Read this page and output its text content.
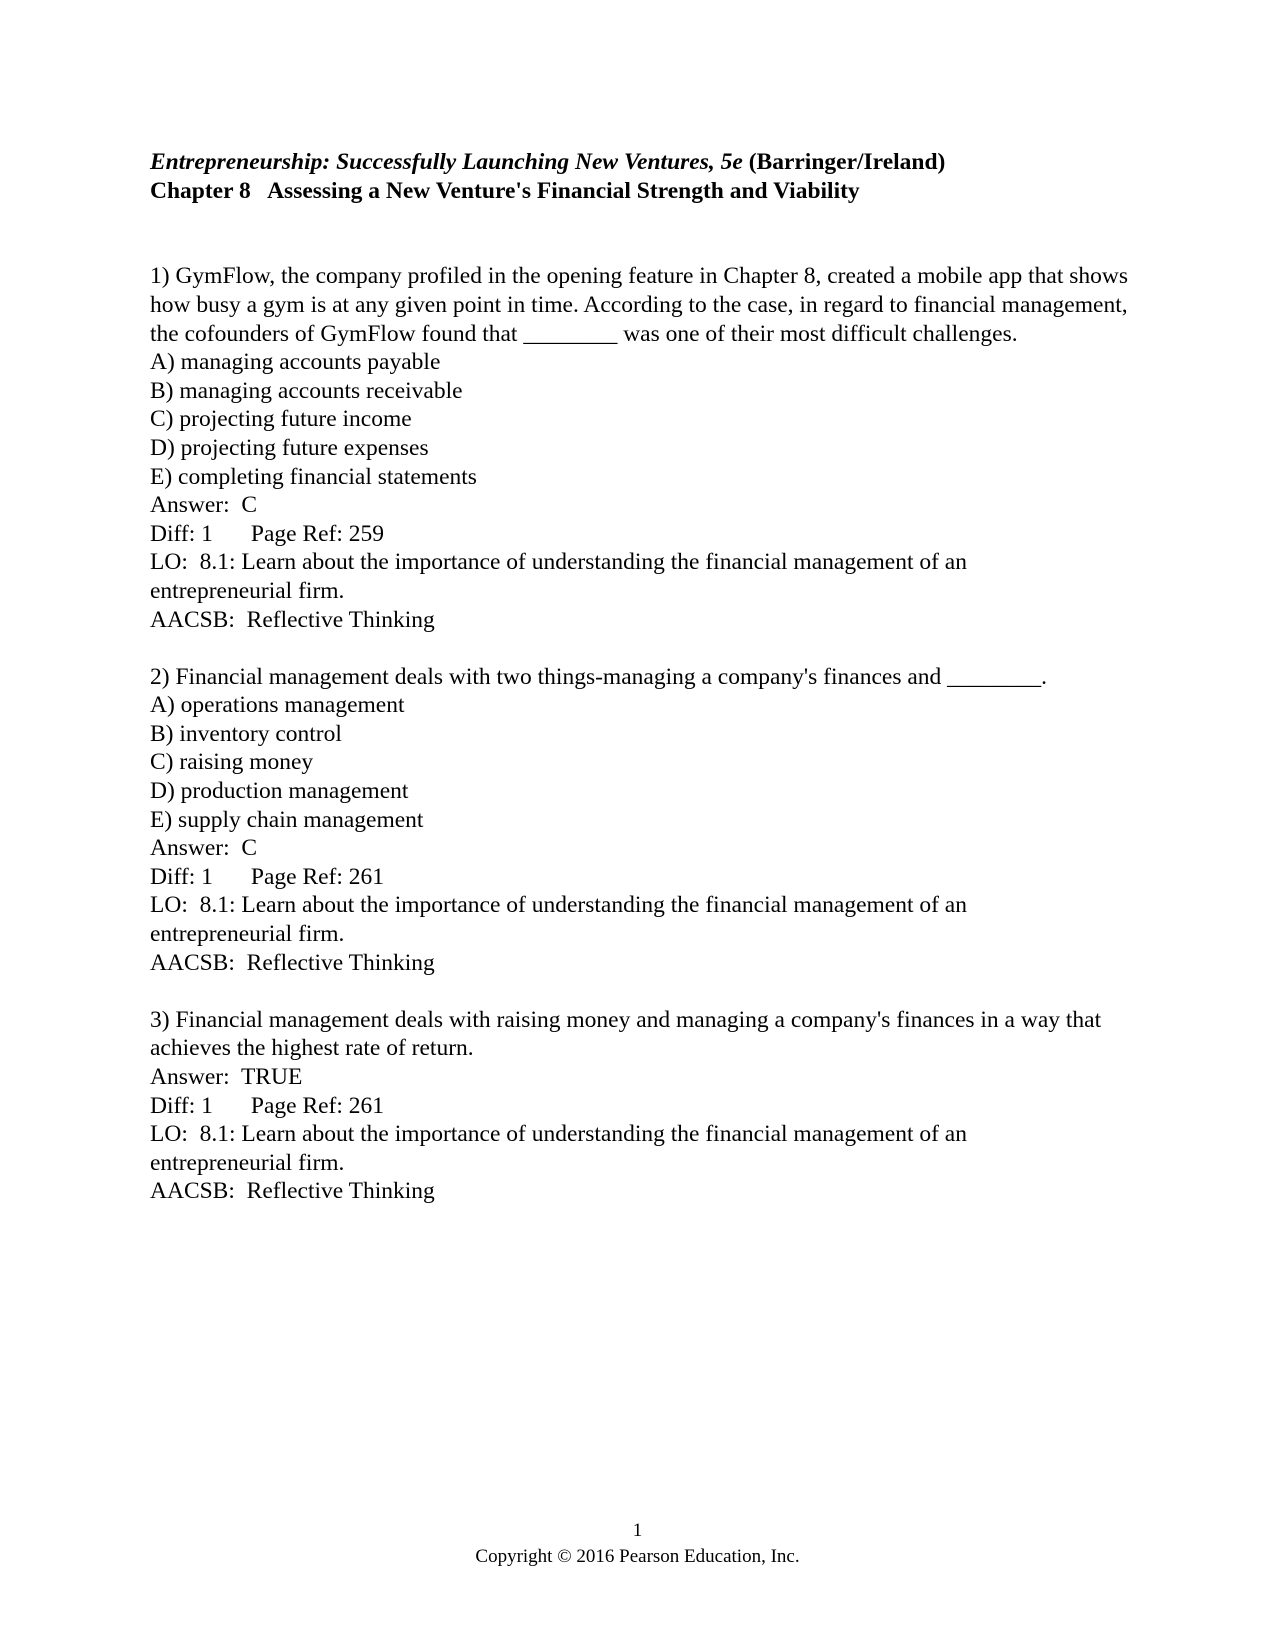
Entrepreneurship: Successfully Launching New Ventures, 5e (Barringer/Ireland)
Chapter 8   Assessing a New Venture's Financial Strength and Viability
1) GymFlow, the company profiled in the opening feature in Chapter 8, created a mobile app that shows how busy a gym is at any given point in time. According to the case, in regard to financial management, the cofounders of GymFlow found that ________ was one of their most difficult challenges.
A) managing accounts payable
B) managing accounts receivable
C) projecting future income
D) projecting future expenses
E) completing financial statements
Answer:  C
Diff: 1 Page Ref: 259
LO:  8.1: Learn about the importance of understanding the financial management of an entrepreneurial firm.
AACSB:  Reflective Thinking
2) Financial management deals with two things-managing a company's finances and ________.
A) operations management
B) inventory control
C) raising money
D) production management
E) supply chain management
Answer:  C
Diff: 1 Page Ref: 261
LO:  8.1: Learn about the importance of understanding the financial management of an entrepreneurial firm.
AACSB:  Reflective Thinking
3) Financial management deals with raising money and managing a company's finances in a way that achieves the highest rate of return.
Answer:  TRUE
Diff: 1 Page Ref: 261
LO:  8.1: Learn about the importance of understanding the financial management of an entrepreneurial firm.
AACSB:  Reflective Thinking
1
Copyright © 2016 Pearson Education, Inc.
